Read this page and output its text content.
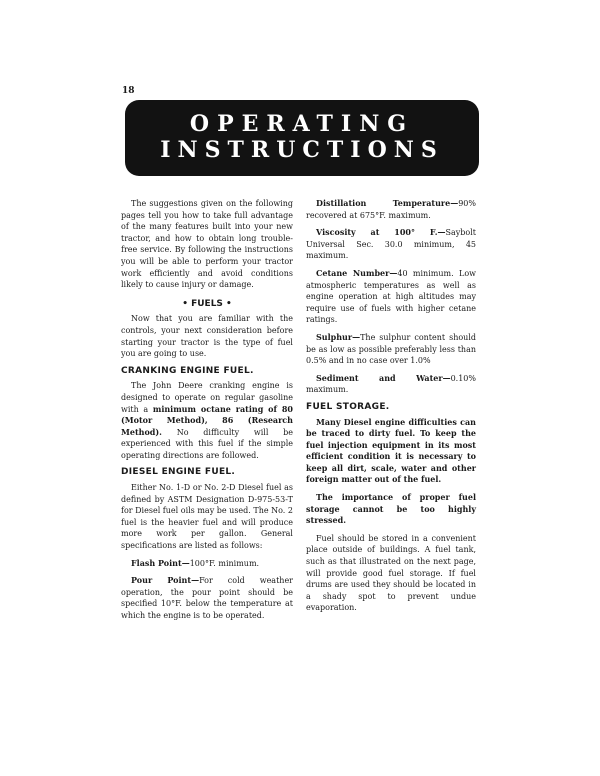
18
OPERATING
INSTRUCTIONS

The suggestions given on the following pages tell you how to take full advantage of the many features built into your new tractor, and how to obtain long trouble-free service. By following the instructions you will be able to perform your tractor work efficiently and avoid conditions likely to cause injury or damage.

• FUELS •

Now that you are familiar with the controls, your next consideration before starting your tractor is the type of fuel you are going to use.

CRANKING ENGINE FUEL.

The John Deere cranking engine is designed to operate on regular gasoline with a minimum octane rating of 80 (Motor Method), 86 (Research Method). No difficulty will be experienced with this fuel if the simple operating directions are followed.

DIESEL ENGINE FUEL.

Either No. 1-D or No. 2-D Diesel fuel as defined by ASTM Designation D-975-53-T for Diesel fuel oils may be used. The No. 2 fuel is the heavier fuel and will produce more work per gallon. General specifications are listed as follows:

Flash Point—100°F. minimum.

Pour Point—For cold weather operation, the pour point should be specified 10°F. below the temperature at which the engine is to be operated.

Distillation Temperature—90% recovered at 675°F. maximum.

Viscosity at 100° F.—Saybolt Universal Sec. 30.0 minimum, 45 maximum.

Cetane Number—40 minimum. Low atmospheric temperatures as well as engine operation at high altitudes may require use of fuels with higher cetane ratings.

Sulphur—The sulphur content should be as low as possible preferably less than 0.5% and in no case over 1.0%

Sediment and Water—0.10% maximum.

FUEL STORAGE.

Many Diesel engine difficulties can be traced to dirty fuel. To keep the fuel injection equipment in its most efficient condition it is necessary to keep all dirt, scale, water and other foreign matter out of the fuel.

The importance of proper fuel storage cannot be too highly stressed.

Fuel should be stored in a convenient place outside of buildings. A fuel tank, such as that illustrated on the next page, will provide good fuel storage. If fuel drums are used they should be located in a shady spot to prevent undue evaporation.
